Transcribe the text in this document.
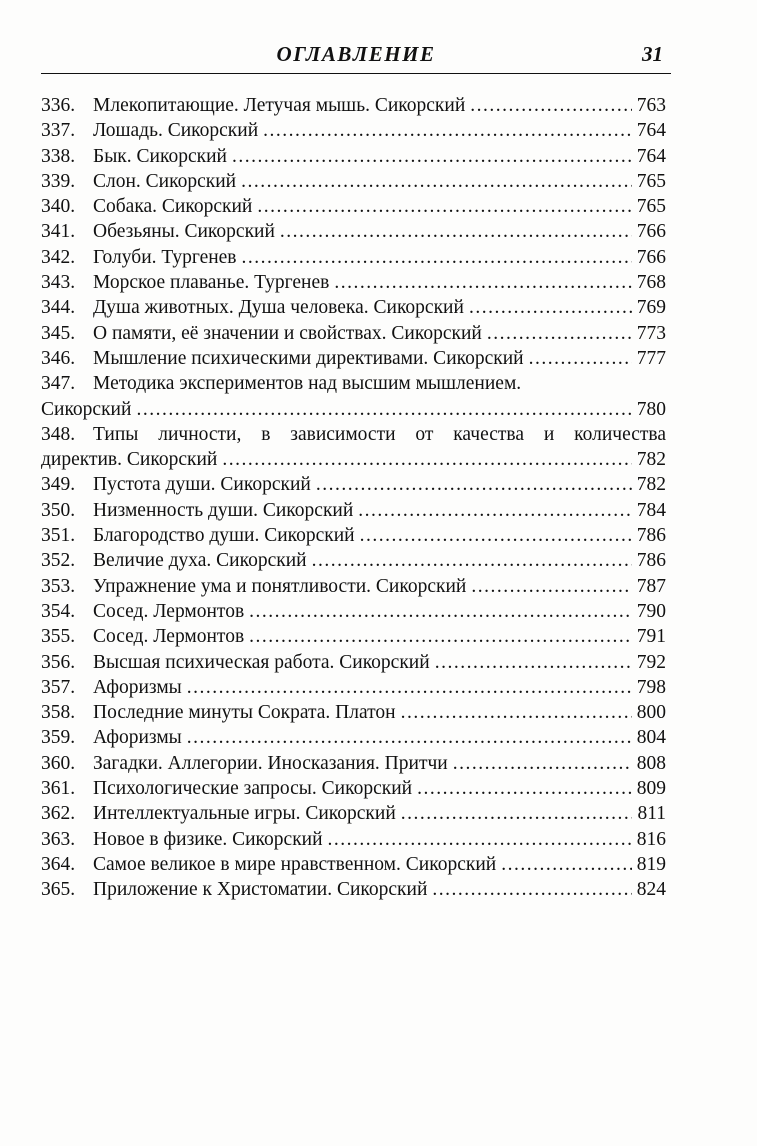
ОГЛАВЛЕНИЕ	31
336. Млекопитающие. Летучая мышь. Сикорский .....	763
337. Лошадь. Сикорский .....	764
338. Бык. Сикорский .....	764
339. Слон. Сикорский .....	765
340. Собака. Сикорский .....	765
341. Обезьяны. Сикорский .....	766
342. Голуби. Тургенев .....	766
343. Морское плаванье. Тургенев .....	768
344. Душа животных. Душа человека. Сикорский .....	769
345. О памяти, её значении и свойствах. Сикорский .....	773
346. Мышление психическими директивами. Сикорский .....	777
347. Методика экспериментов над высшим мышлением.
Сикорский .....	780
348. Типы личности, в зависимости от качества и количества
директив. Сикорский .....	782
349. Пустота души. Сикорский .....	782
350. Низменность души. Сикорский .....	784
351. Благородство души. Сикорский .....	786
352. Величие духа. Сикорский .....	786
353. Упражнение ума и понятливости. Сикорский .....	787
354. Сосед. Лермонтов .....	790
355. Сосед. Лермонтов .....	791
356. Высшая психическая работа. Сикорский .....	792
357. Афоризмы .....	798
358. Последние минуты Сократа. Платон .....	800
359. Афоризмы .....	804
360. Загадки. Аллегории. Иносказания. Притчи .....	808
361. Психологические запросы. Сикорский .....	809
362. Интеллектуальные игры. Сикорский .....	811
363. Новое в физике. Сикорский .....	816
364. Самое великое в мире нравственном. Сикорский .....	819
365. Приложение к Христоматии. Сикорский .....	824
